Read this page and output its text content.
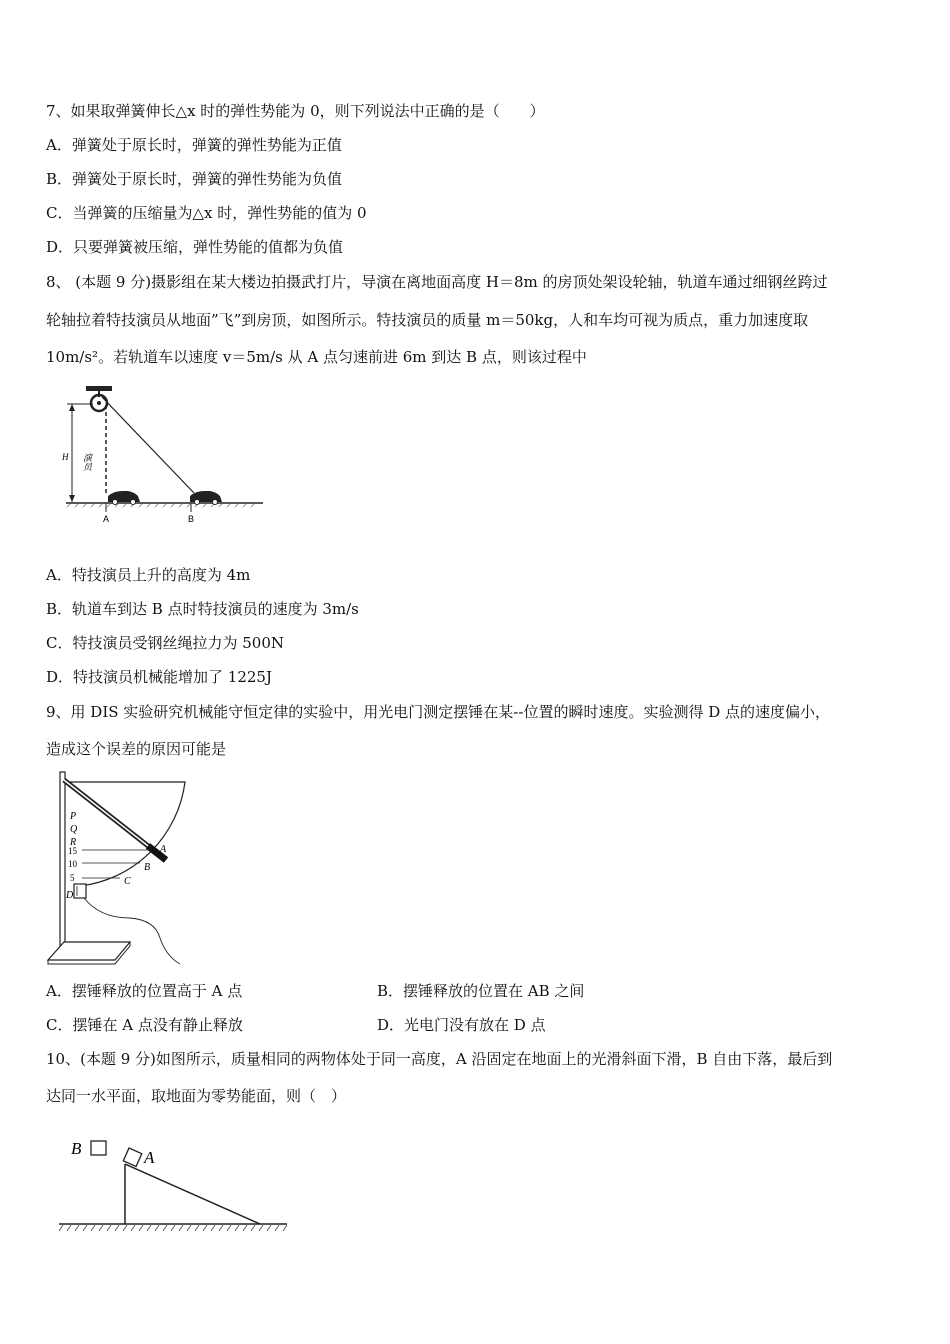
7、如果取弹簧伸长△x 时的弹性势能为 0，则下列说法中正确的是（　　）
A．弹簧处于原长时，弹簧的弹性势能为正值
B．弹簧处于原长时，弹簧的弹性势能为负值
C．当弹簧的压缩量为△x 时，弹性势能的值为 0
D．只要弹簧被压缩，弹性势能的值都为负值
8、 (本题 9 分)摄影组在某大楼边拍摄武打片，导演在离地面高度 H＝8m 的房顶处架设轮轴，轨道车通过细钢丝跨过
轮轴拉着特技演员从地面”飞”到房顶，如图所示。特技演员的质量 m＝50kg，人和车均可视为质点，重力加速度取
10m/s²。若轨道车以速度 v＝5m/s 从 A 点匀速前进 6m 到达 B 点，则该过程中
H 演员
A	B
A．特技演员上升的高度为 4m
B．轨道车到达 B 点时特技演员的速度为 3m/s
C．特技演员受钢丝绳拉力为 500N
D．特技演员机械能增加了 1225J
9、用 DIS 实验研究机械能守恒定律的实验中，用光电门测定摆锤在某--位置的瞬时速度。实验测得 D 点的速度偏小，
造成这个误差的原因可能是
P
Q
R
15
10
5
A
B
C
D
A．摆锤释放的位置高于 A 点	B．摆锤释放的位置在 AB 之间
C．摆锤在 A 点没有静止释放	D．光电门没有放在 D 点
10、(本题 9 分)如图所示，质量相同的两物体处于同一高度，A 沿固定在地面上的光滑斜面下滑，B 自由下落，最后到
达同一水平面，取地面为零势能面，则（　）
B	A
